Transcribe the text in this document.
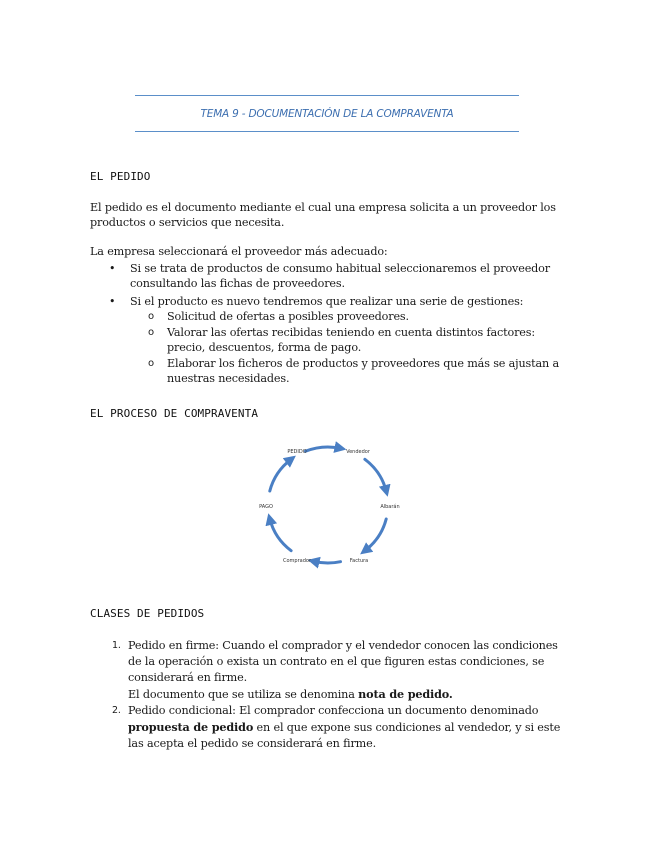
TEMA 9 - DOCUMENTACIÓN DE LA COMPRAVENTA
EL PEDIDO
El pedido es el documento mediante el cual una empresa solicita a un proveedor los
productos o servicios que necesita.
La empresa seleccionará el proveedor más adecuado:
• Si se trata de productos de consumo habitual seleccionaremos el proveedor
consultando las fichas de proveedores.
• Si el producto es nuevo tendremos que realizar una serie de gestiones:
o Solicitud de ofertas a posibles proveedores.
o Valorar las ofertas recibidas teniendo en cuenta distintos factores:
precio, descuentos, forma de pago.
o Elaborar los ficheros de productos y proveedores que más se ajustan a
nuestras necesidades.
EL PROCESO DE COMPRAVENTA
PEDIDO	Vendedor
Albarán
Factura
Comprador
PAGO
CLASES DE PEDIDOS
1. Pedido en firme: Cuando el comprador y el vendedor conocen las condiciones
de la operación o exista un contrato en el que figuren estas condiciones, se
considerará en firme.
El documento que se utiliza se denomina nota de pedido.
2. Pedido condicional: El comprador confecciona un documento denominado
propuesta de pedido en el que expone sus condiciones al vendedor, y si este
las acepta el pedido se considerará en firme.
